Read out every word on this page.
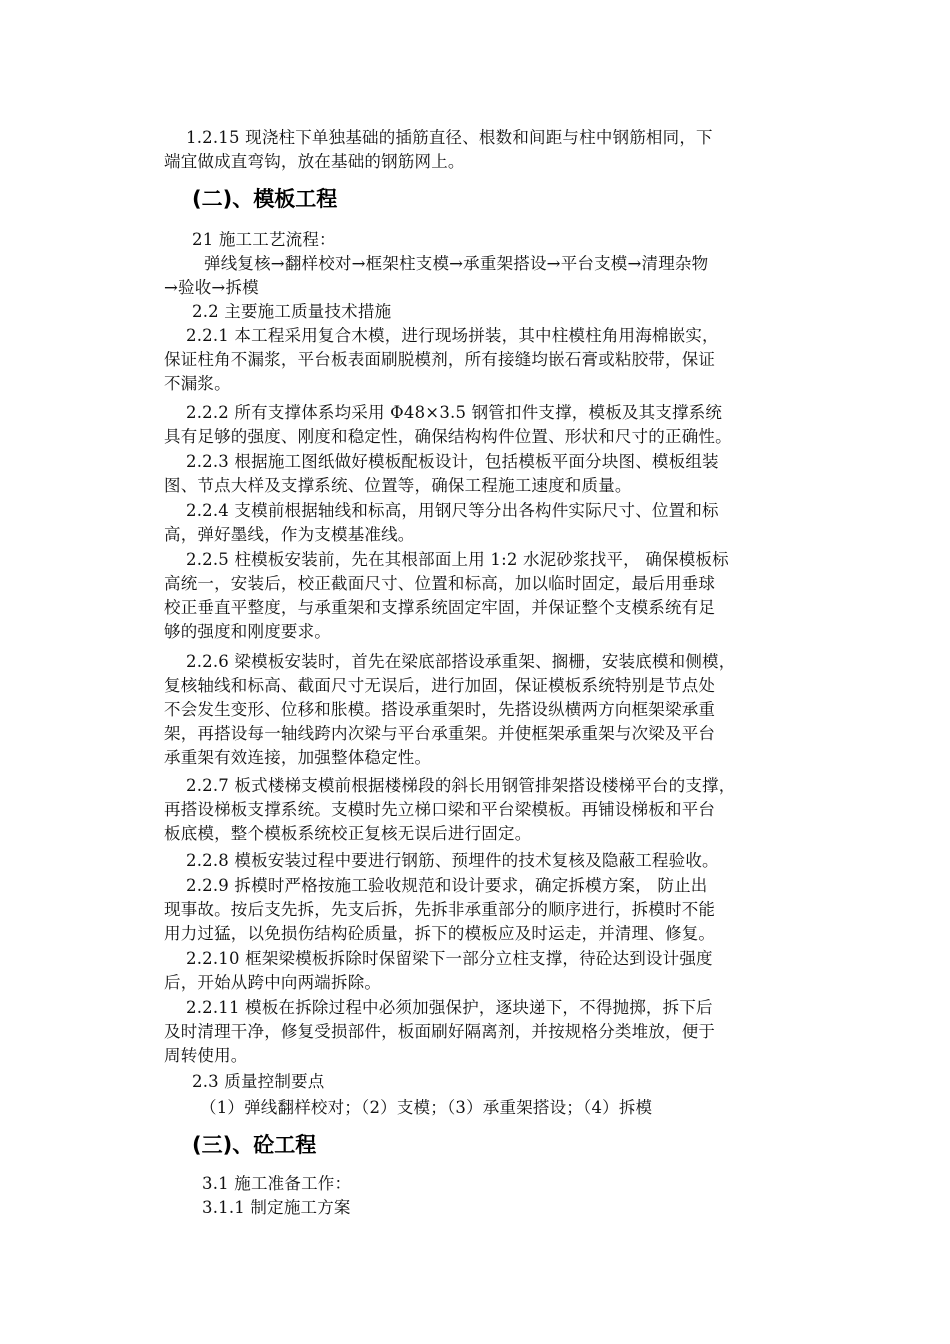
1.2.15 现浇柱下单独基础的插筋直径、根数和间距与柱中钢筋相同，下
端宜做成直弯钩，放在基础的钢筋网上。
(二)、模板工程
21 施工工艺流程：
弹线复核→翻样校对→框架柱支模→承重架搭设→平台支模→清理杂物
→验收→拆模
2.2 主要施工质量技术措施
2.2.1 本工程采用复合木模，进行现场拼装，其中柱模柱角用海棉嵌实，
保证柱角不漏浆，平台板表面刷脱模剂，所有接缝均嵌石膏或粘胶带，保证
不漏浆。
2.2.2 所有支撑体系均采用 Φ48×3.5 钢管扣件支撑，模板及其支撑系统
具有足够的强度、刚度和稳定性，确保结构构件位置、形状和尺寸的正确性。
2.2.3 根据施工图纸做好模板配板设计，包括模板平面分块图、模板组装
图、节点大样及支撑系统、位置等，确保工程施工速度和质量。
2.2.4 支模前根据轴线和标高，用钢尺等分出各构件实际尺寸、位置和标
高，弹好墨线，作为支模基准线。
2.2.5 柱模板安装前，先在其根部面上用 1:2 水泥砂浆找平， 确保模板标
高统一，安装后，校正截面尺寸、位置和标高，加以临时固定，最后用垂球
校正垂直平整度，与承重架和支撑系统固定牢固，并保证整个支模系统有足
够的强度和刚度要求。
2.2.6 梁模板安装时，首先在梁底部搭设承重架、搁栅，安装底模和侧模，
复核轴线和标高、截面尺寸无误后，进行加固，保证模板系统特别是节点处
不会发生变形、位移和胀模。搭设承重架时，先搭设纵横两方向框架梁承重
架，再搭设每一轴线跨内次梁与平台承重架。并使框架承重架与次梁及平台
承重架有效连接，加强整体稳定性。
2.2.7 板式楼梯支模前根据楼梯段的斜长用钢管排架搭设楼梯平台的支撑，
再搭设梯板支撑系统。支模时先立梯口梁和平台梁模板。再铺设梯板和平台
板底模，整个模板系统校正复核无误后进行固定。
2.2.8 模板安装过程中要进行钢筋、预埋件的技术复核及隐蔽工程验收。
2.2.9 拆模时严格按施工验收规范和设计要求，确定拆模方案， 防止出
现事故。按后支先拆，先支后拆，先拆非承重部分的顺序进行，拆模时不能
用力过猛，以免损伤结构砼质量，拆下的模板应及时运走，并清理、修复。
2.2.10 框架梁模板拆除时保留梁下一部分立柱支撑，待砼达到设计强度
后，开始从跨中向两端拆除。
2.2.11 模板在拆除过程中必须加强保护，逐块递下，不得抛掷，拆下后
及时清理干净，修复受损部件，板面刷好隔离剂，并按规格分类堆放，便于
周转使用。
2.3 质量控制要点
（1）弹线翻样校对；（2）支模；（3）承重架搭设；（4）拆模
(三)、砼工程
3.1 施工准备工作：
3.1.1 制定施工方案
